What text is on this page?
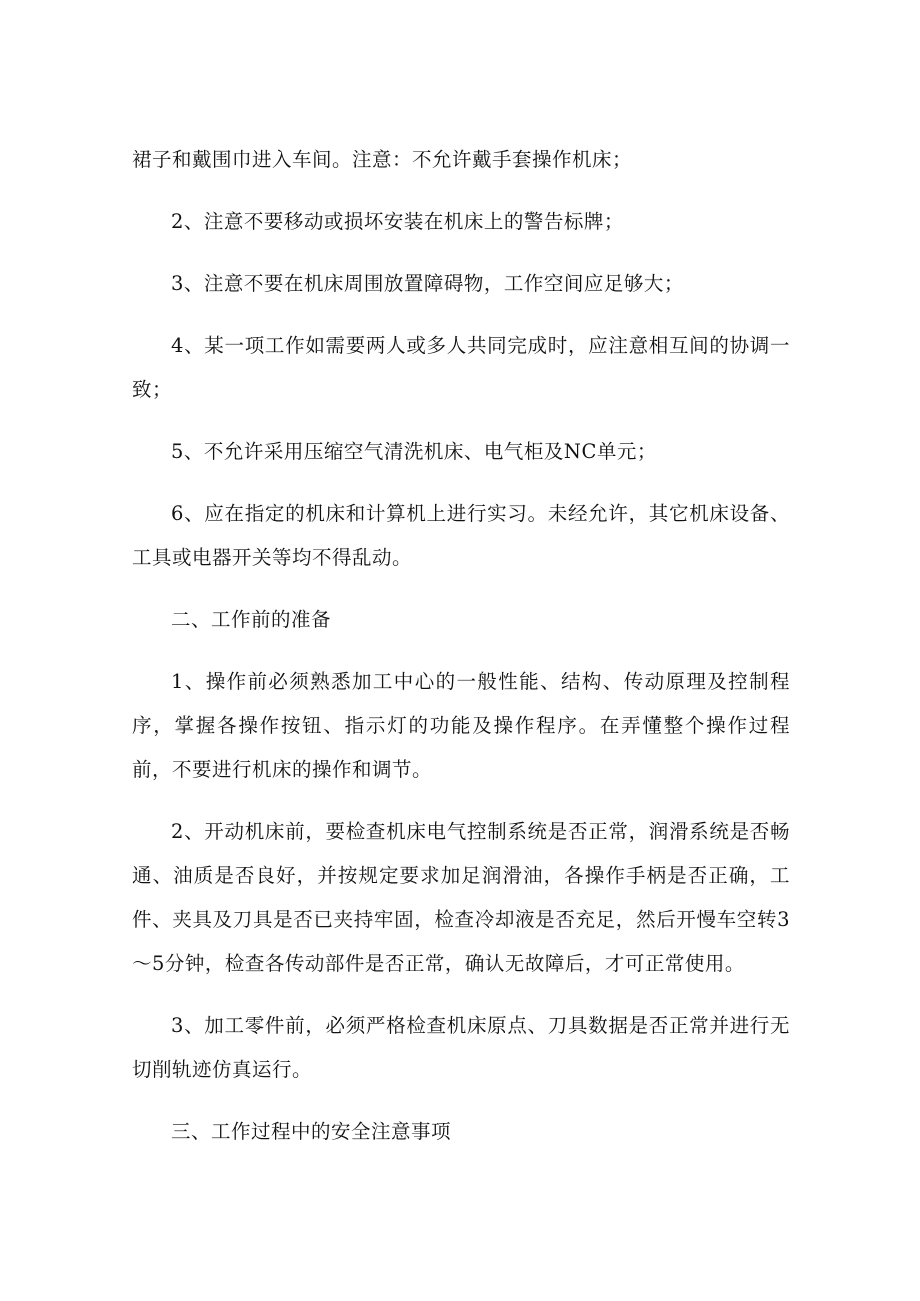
裙子和戴围巾进入车间。注意：不允许戴手套操作机床；

2、注意不要移动或损坏安装在机床上的警告标牌；

3、注意不要在机床周围放置障碍物，工作空间应足够大；

4、某一项工作如需要两人或多人共同完成时，应注意相互间的协调一致；

5、不允许采用压缩空气清洗机床、电气柜及NC单元；

6、应在指定的机床和计算机上进行实习。未经允许，其它机床设备、工具或电器开关等均不得乱动。

二、工作前的准备

1、操作前必须熟悉加工中心的一般性能、结构、传动原理及控制程序，掌握各操作按钮、指示灯的功能及操作程序。在弄懂整个操作过程前，不要进行机床的操作和调节。

2、开动机床前，要检查机床电气控制系统是否正常，润滑系统是否畅通、油质是否良好，并按规定要求加足润滑油，各操作手柄是否正确，工件、夹具及刀具是否已夹持牢固，检查冷却液是否充足，然后开慢车空转3～5分钟，检查各传动部件是否正常，确认无故障后，才可正常使用。

3、加工零件前，必须严格检查机床原点、刀具数据是否正常并进行无切削轨迹仿真运行。

三、工作过程中的安全注意事项
